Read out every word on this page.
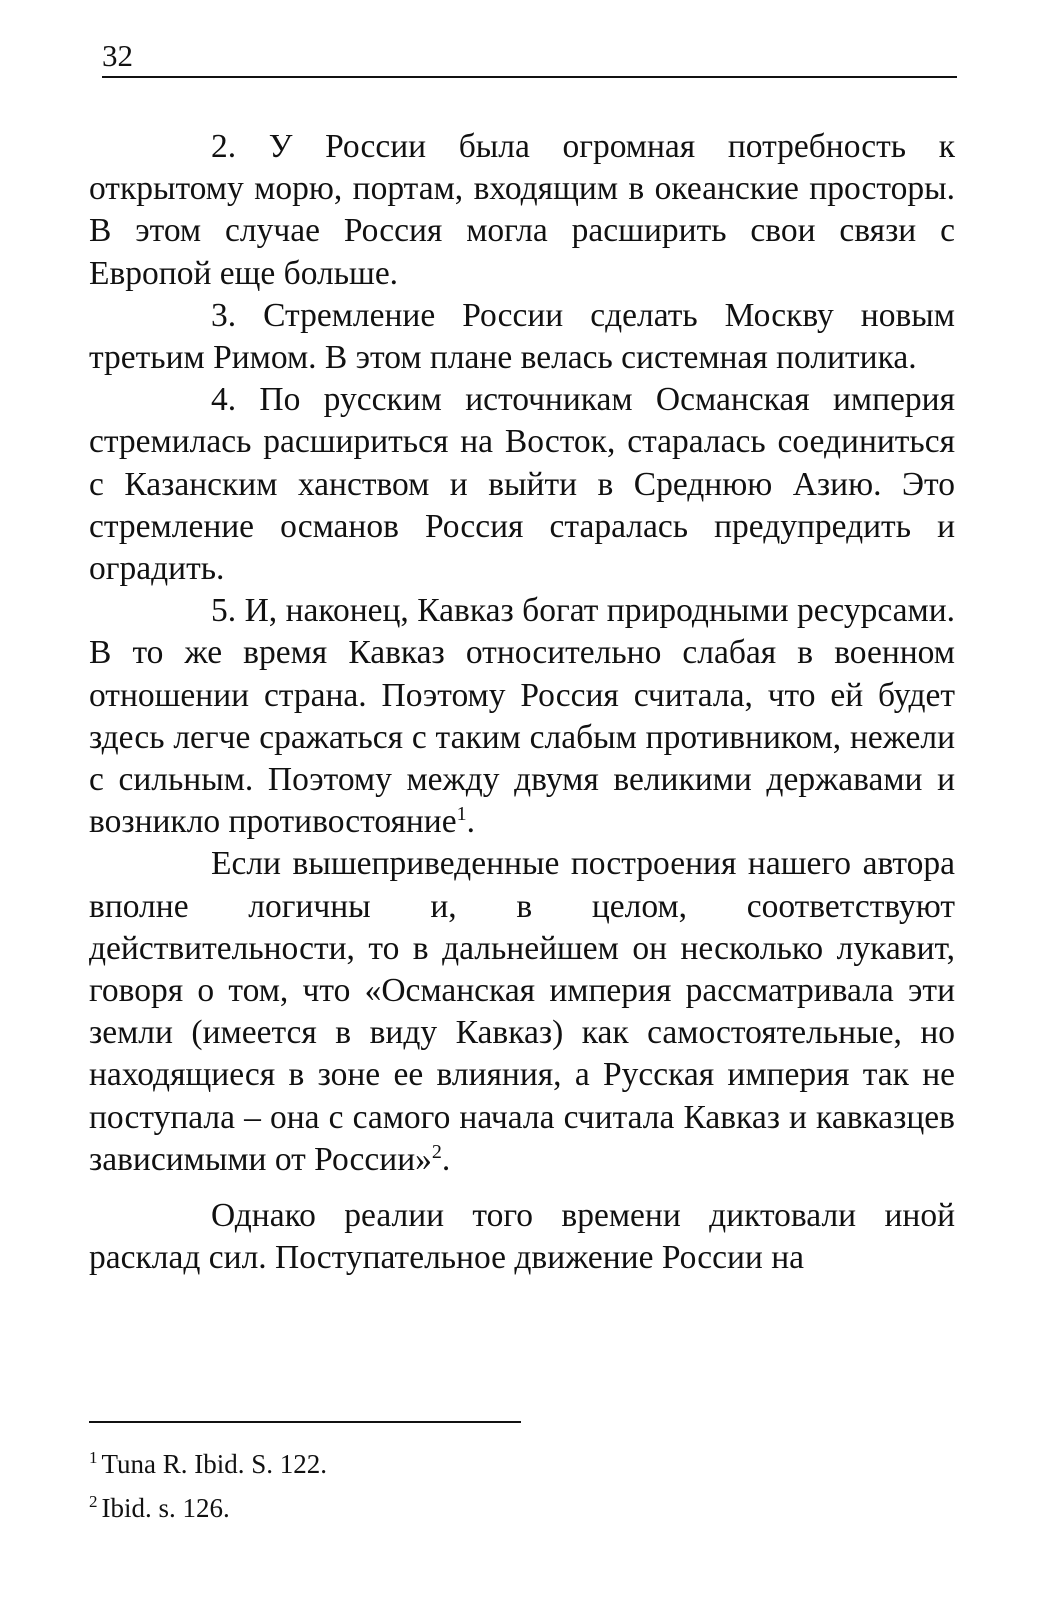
32

2. У России была огромная потребность к открытому морю, портам, входящим в океанские просторы. В этом случае Россия могла расширить свои связи с Европой еще больше.

3. Стремление России сделать Москву новым третьим Римом. В этом плане велась системная политика.

4. По русским источникам Османская империя стремилась расшириться на Восток, старалась соединиться с Казанским ханством и выйти в Среднюю Азию. Это стремление османов Россия старалась предупредить и оградить.

5. И, наконец, Кавказ богат природными ресурсами. В то же время Кавказ относительно слабая в военном отношении страна. Поэтому Россия считала, что ей будет здесь легче сражаться с таким слабым противником, нежели с сильным. Поэтому между двумя великими державами и возникло противостояние$^1$.

Если вышеприведенные построения нашего автора вполне логичны и, в целом, соответствуют действительности, то в дальнейшем он несколько лукавит, говоря о том, что «Османская империя рассматривала эти земли (имеется в виду Кавказ) как самостоятельные, но находящиеся в зоне ее влияния, а Русская империя так не поступала – она с самого начала считала Кавказ и кавказцев зависимыми от России»$^2$.

Однако реалии того времени диктовали иной расклад сил. Поступательное движение России на

$^1$ Tuna R. Ibid. S. 122.

$^2$ Ibid. s. 126.
